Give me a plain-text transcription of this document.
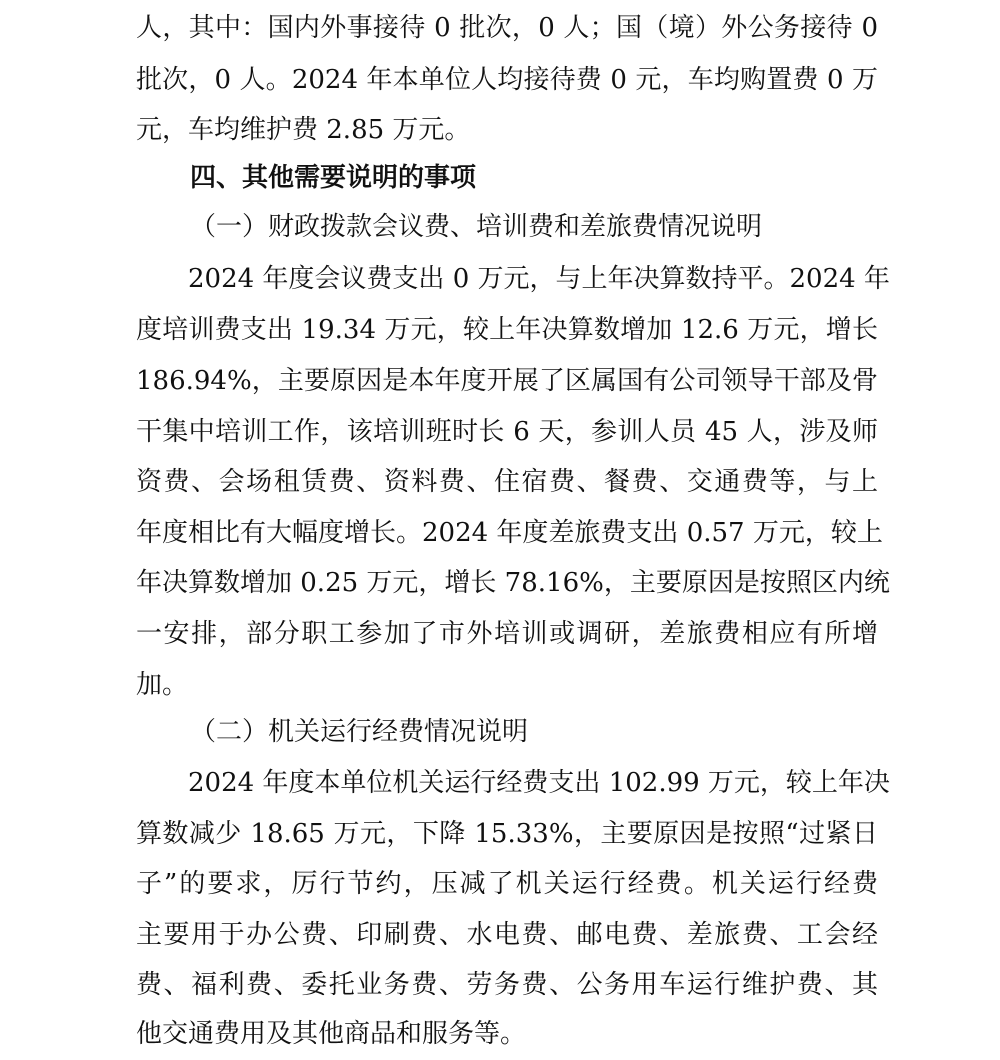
人，其中：国内外事接待 0 批次，0 人；国（境）外公务接待 0
批次，0 人。2024 年本单位人均接待费 0 元，车均购置费 0 万
元，车均维护费 2.85 万元。
四、其他需要说明的事项
（一）财政拨款会议费、培训费和差旅费情况说明
2024 年度会议费支出 0 万元，与上年决算数持平。2024 年
度培训费支出 19.34 万元，较上年决算数增加 12.6 万元，增长
186.94%，主要原因是本年度开展了区属国有公司领导干部及骨
干集中培训工作，该培训班时长 6 天，参训人员 45 人，涉及师
资费、会场租赁费、资料费、住宿费、餐费、交通费等，与上
年度相比有大幅度增长。2024 年度差旅费支出 0.57 万元，较上
年决算数增加 0.25 万元，增长 78.16%，主要原因是按照区内统
一安排，部分职工参加了市外培训或调研，差旅费相应有所增
加。
（二）机关运行经费情况说明
2024 年度本单位机关运行经费支出 102.99 万元，较上年决
算数减少 18.65 万元，下降 15.33%，主要原因是按照“过紧日
子”的要求，厉行节约，压减了机关运行经费。机关运行经费
主要用于办公费、印刷费、水电费、邮电费、差旅费、工会经
费、福利费、委托业务费、劳务费、公务用车运行维护费、其
他交通费用及其他商品和服务等。
